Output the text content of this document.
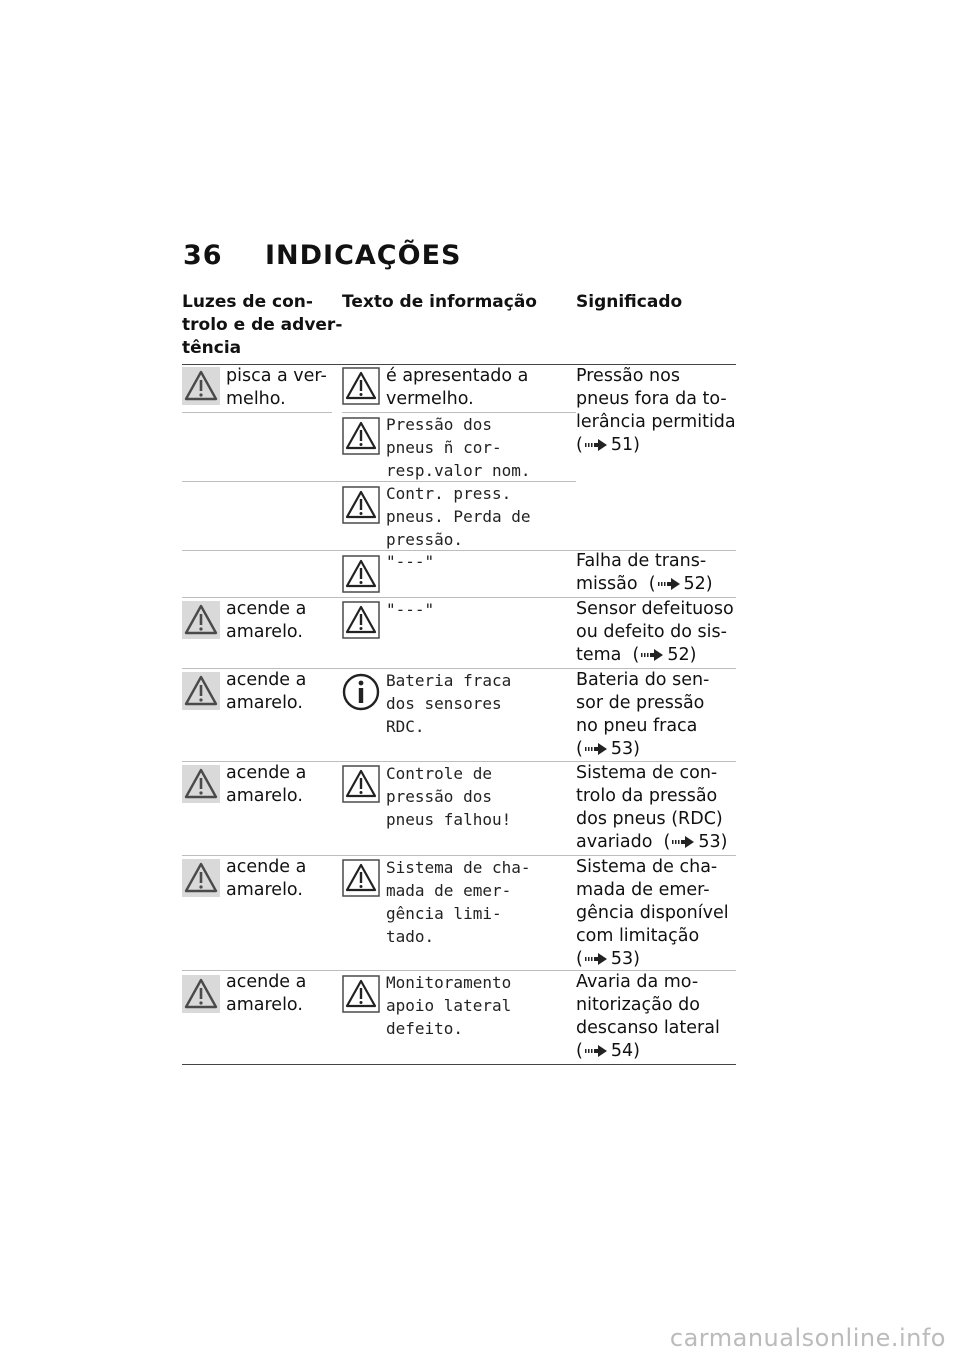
36 INDICAÇÕES
Luzes de con-
trolo e de adver-
tência
Texto de informação Significado
pisca a ver-
melho.
é apresentado a
vermelho.
Pressão nos
pneus fora da to-
lerância permitida
( 51)
Pressão dos
pneus ñ cor-
resp.valor nom.
Contr. press.
pneus. Perda de
pressão.
"---"	Falha de trans-
missão  ( 52)
acende a
amarelo.
"---"	Sensor defeituoso
ou defeito do sis-
tema  ( 52)
acende a
amarelo.
Bateria fraca
dos sensores
RDC.
Bateria do sen-
sor de pressão
no pneu fraca
( 53)
acende a
amarelo.
Controle de
pressão dos
pneus falhou!
Sistema de con-
trolo da pressão
dos pneus (RDC)
avariado  ( 53)
acende a
amarelo.
Sistema de cha-
mada de emer-
gência limi-
tado.
Sistema de cha-
mada de emer-
gência disponível
com limitação
( 53)
acende a
amarelo.
Monitoramento
apoio lateral
defeito.
Avaria da mo-
nitorização do
descanso lateral
( 54)
carmanualsonline.info
